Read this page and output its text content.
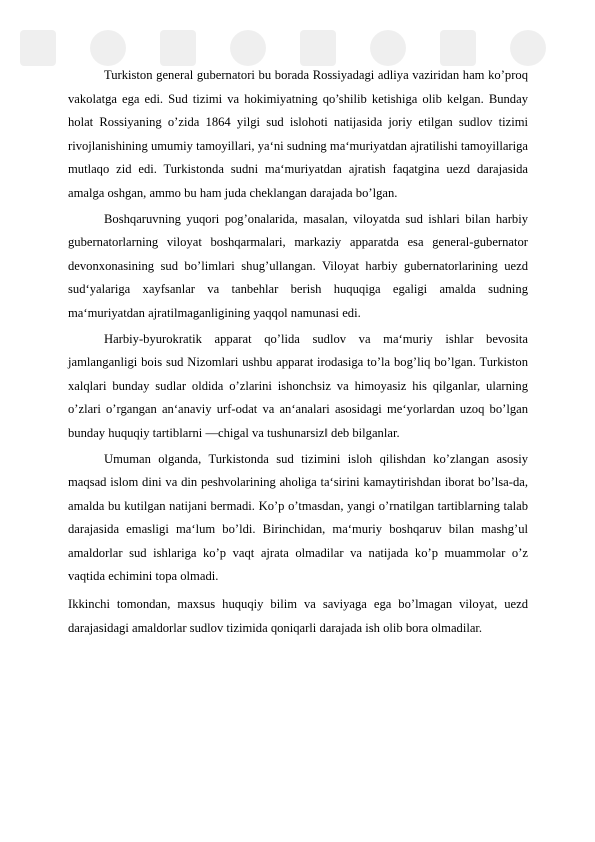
Turkiston general gubernatori bu borada Rossiyadagi adliya vaziridan ham ko’proq vakolatga ega edi. Sud tizimi va hokimiyatning qo’shilib ketishiga olib kelgan. Bunday holat Rossiyaning o’zida 1864 yilgi sud islohoti natijasida joriy etilgan sudlov tizimi rivojlanishining umumiy tamoyillari, ya‘ni sudning ma‘muriyatdan ajratilishi tamoyillariga mutlaqo zid edi. Turkistonda sudni ma‘muriyatdan ajratish faqatgina uezd darajasida amalga oshgan, ammo bu ham juda cheklangan darajada bo’lgan.

Boshqaruvning yuqori pog’onalarida, masalan, viloyatda sud ishlari bilan harbiy gubernatorlarning viloyat boshqarmalari, markaziy apparatda esa general-gubernator devonxonasining sud bo’limlari shug’ullangan. Viloyat harbiy gubernatorlarining uezd sud‘yalariga xayfsanlar va tanbehlar berish huquqiga egaligi amalda sudning ma‘muriyatdan ajratilmaganligining yaqqol namunasi edi.

Harbiy-byurokratik apparat qo’lida sudlov va ma‘muriy ishlar bevosita jamlanganligi bois sud Nizomlari ushbu apparat irodasiga to’la bog’liq bo’lgan. Turkiston xalqlari bunday sudlar oldida o’zlarini ishonchsiz va himoyasiz his qilganlar, ularning o’zlari o’rgangan an‘anaviy urf-odat va an‘analari asosidagi me‘yorlardan uzoq bo’lgan bunday huquqiy tartiblarni ―chigal va tushunarsiz‖ deb bilganlar.

Umuman olganda, Turkistonda sud tizimini isloh qilishdan ko’zlangan asosiy maqsad islom dini va din peshvolarining aholiga ta‘sirini kamaytirishdan iborat bo’lsa-da, amalda bu kutilgan natijani bermadi. Ko’p o’tmasdan, yangi o’rnatilgan tartiblarning talab darajasida emasligi ma‘lum bo’ldi. Birinchidan, ma‘muriy boshqaruv bilan mashg’ul amaldorlar sud ishlariga ko’p vaqt ajrata olmadilar va natijada ko’p muammolar o’z vaqtida echimini topa olmadi.

Ikkinchi tomondan, maxsus huquqiy bilim va saviyaga ega bo’lmagan viloyat, uezd darajasidagi amaldorlar sudlov tizimida qoniqarli darajada ish olib bora olmadilar.
